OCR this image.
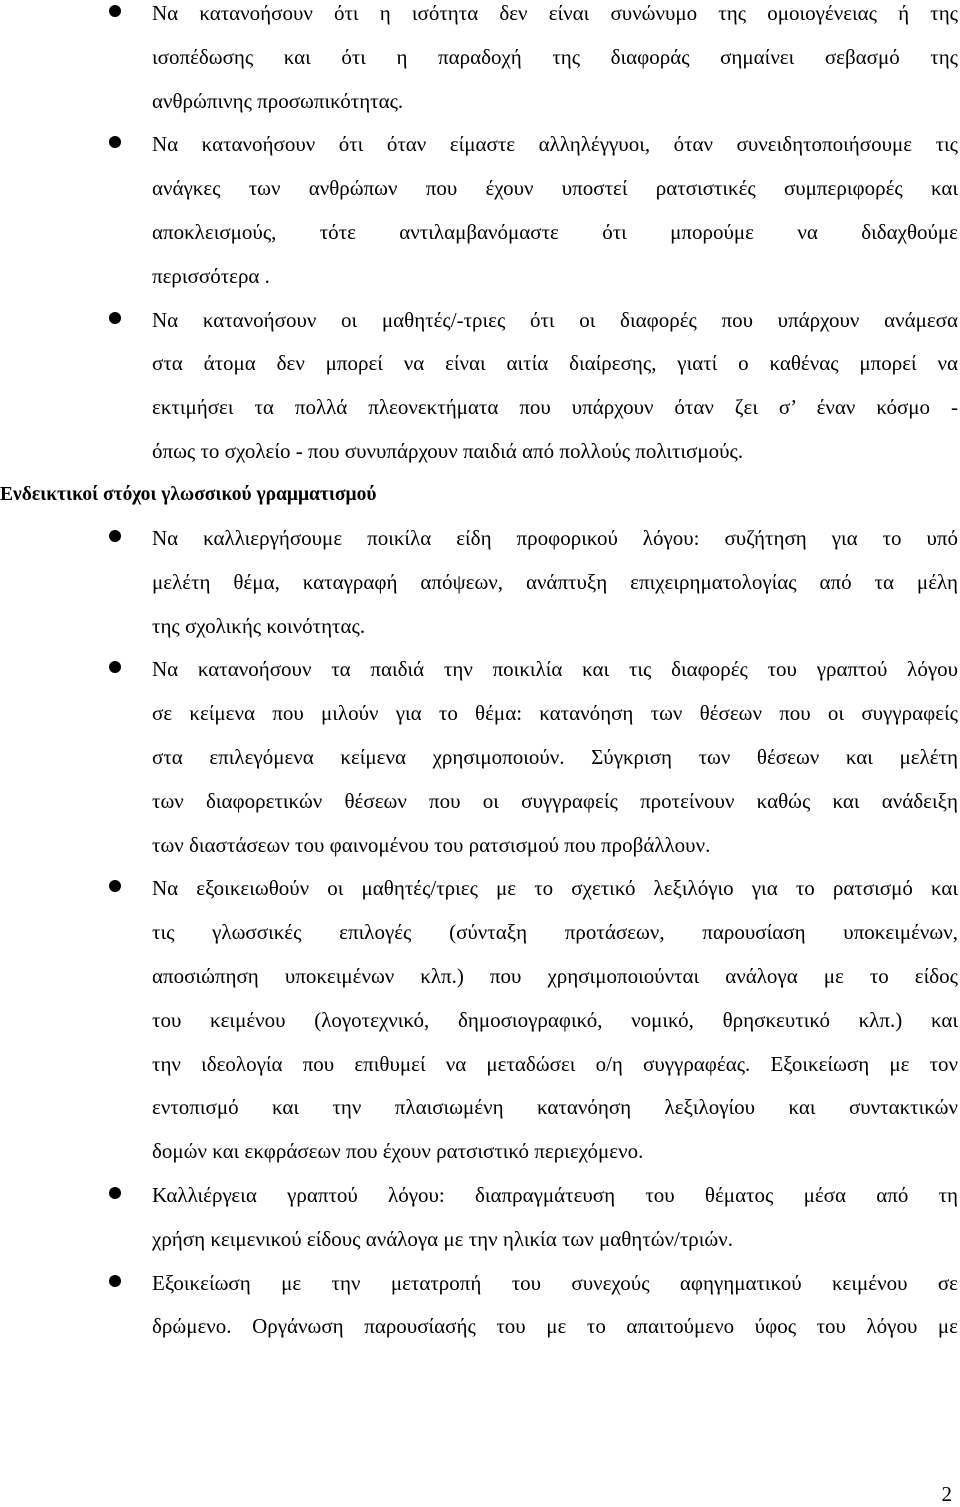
Να κατανοήσουν ότι η ισότητα δεν είναι συνώνυμο της ομοιογένειας ή της
ισοπέδωσης και ότι η παραδοχή της διαφοράς σημαίνει σεβασμό της
ανθρώπινης προσωπικότητας.
Να κατανοήσουν ότι όταν είμαστε αλληλέγγυοι, όταν συνειδητοποιήσουμε τις
ανάγκες των ανθρώπων που έχουν υποστεί ρατσιστικές συμπεριφορές και
αποκλεισμούς, τότε αντιλαμβανόμαστε ότι μπορούμε να διδαχθούμε
περισσότερα .
Να κατανοήσουν οι μαθητές/-τριες ότι οι διαφορές που υπάρχουν ανάμεσα
στα άτομα δεν μπορεί να είναι αιτία διαίρεσης, γιατί ο καθένας μπορεί να
εκτιμήσει τα πολλά πλεονεκτήματα που υπάρχουν όταν ζει σ’ έναν κόσμο -
όπως το σχολείο - που συνυπάρχουν παιδιά από πολλούς πολιτισμούς.
Ενδεικτικοί στόχοι γλωσσικού γραμματισμού
Να καλλιεργήσουμε ποικίλα είδη προφορικού λόγου: συζήτηση για το υπό
μελέτη θέμα, καταγραφή απόψεων, ανάπτυξη επιχειρηματολογίας από τα μέλη
της σχολικής κοινότητας.
Να κατανοήσουν τα παιδιά την ποικιλία και τις διαφορές του γραπτού λόγου
σε κείμενα που μιλούν για το θέμα: κατανόηση των θέσεων που οι συγγραφείς
στα επιλεγόμενα κείμενα χρησιμοποιούν. Σύγκριση των θέσεων και μελέτη
των διαφορετικών θέσεων που οι συγγραφείς προτείνουν καθώς και ανάδειξη
των διαστάσεων του φαινομένου του ρατσισμού που προβάλλουν.
Να εξοικειωθούν οι μαθητές/τριες με το σχετικό λεξιλόγιο για το ρατσισμό και
τις γλωσσικές επιλογές (σύνταξη προτάσεων, παρουσίαση υποκειμένων,
αποσιώπηση υποκειμένων κλπ.) που χρησιμοποιούνται ανάλογα με το είδος
του κειμένου (λογοτεχνικό, δημοσιογραφικό, νομικό, θρησκευτικό κλπ.) και
την ιδεολογία που επιθυμεί να μεταδώσει ο/η συγγραφέας. Εξοικείωση με τον
εντοπισμό και την πλαισιωμένη κατανόηση λεξιλογίου και συντακτικών
δομών και εκφράσεων που έχουν ρατσιστικό περιεχόμενο.
Καλλιέργεια γραπτού λόγου: διαπραγμάτευση του θέματος μέσα από τη
χρήση κειμενικού είδους ανάλογα με την ηλικία των μαθητών/τριών.
Εξοικείωση με την μετατροπή του συνεχούς αφηγηματικού κειμένου σε
δρώμενο. Οργάνωση παρουσίασής του με το απαιτούμενο ύφος του λόγου με
2
